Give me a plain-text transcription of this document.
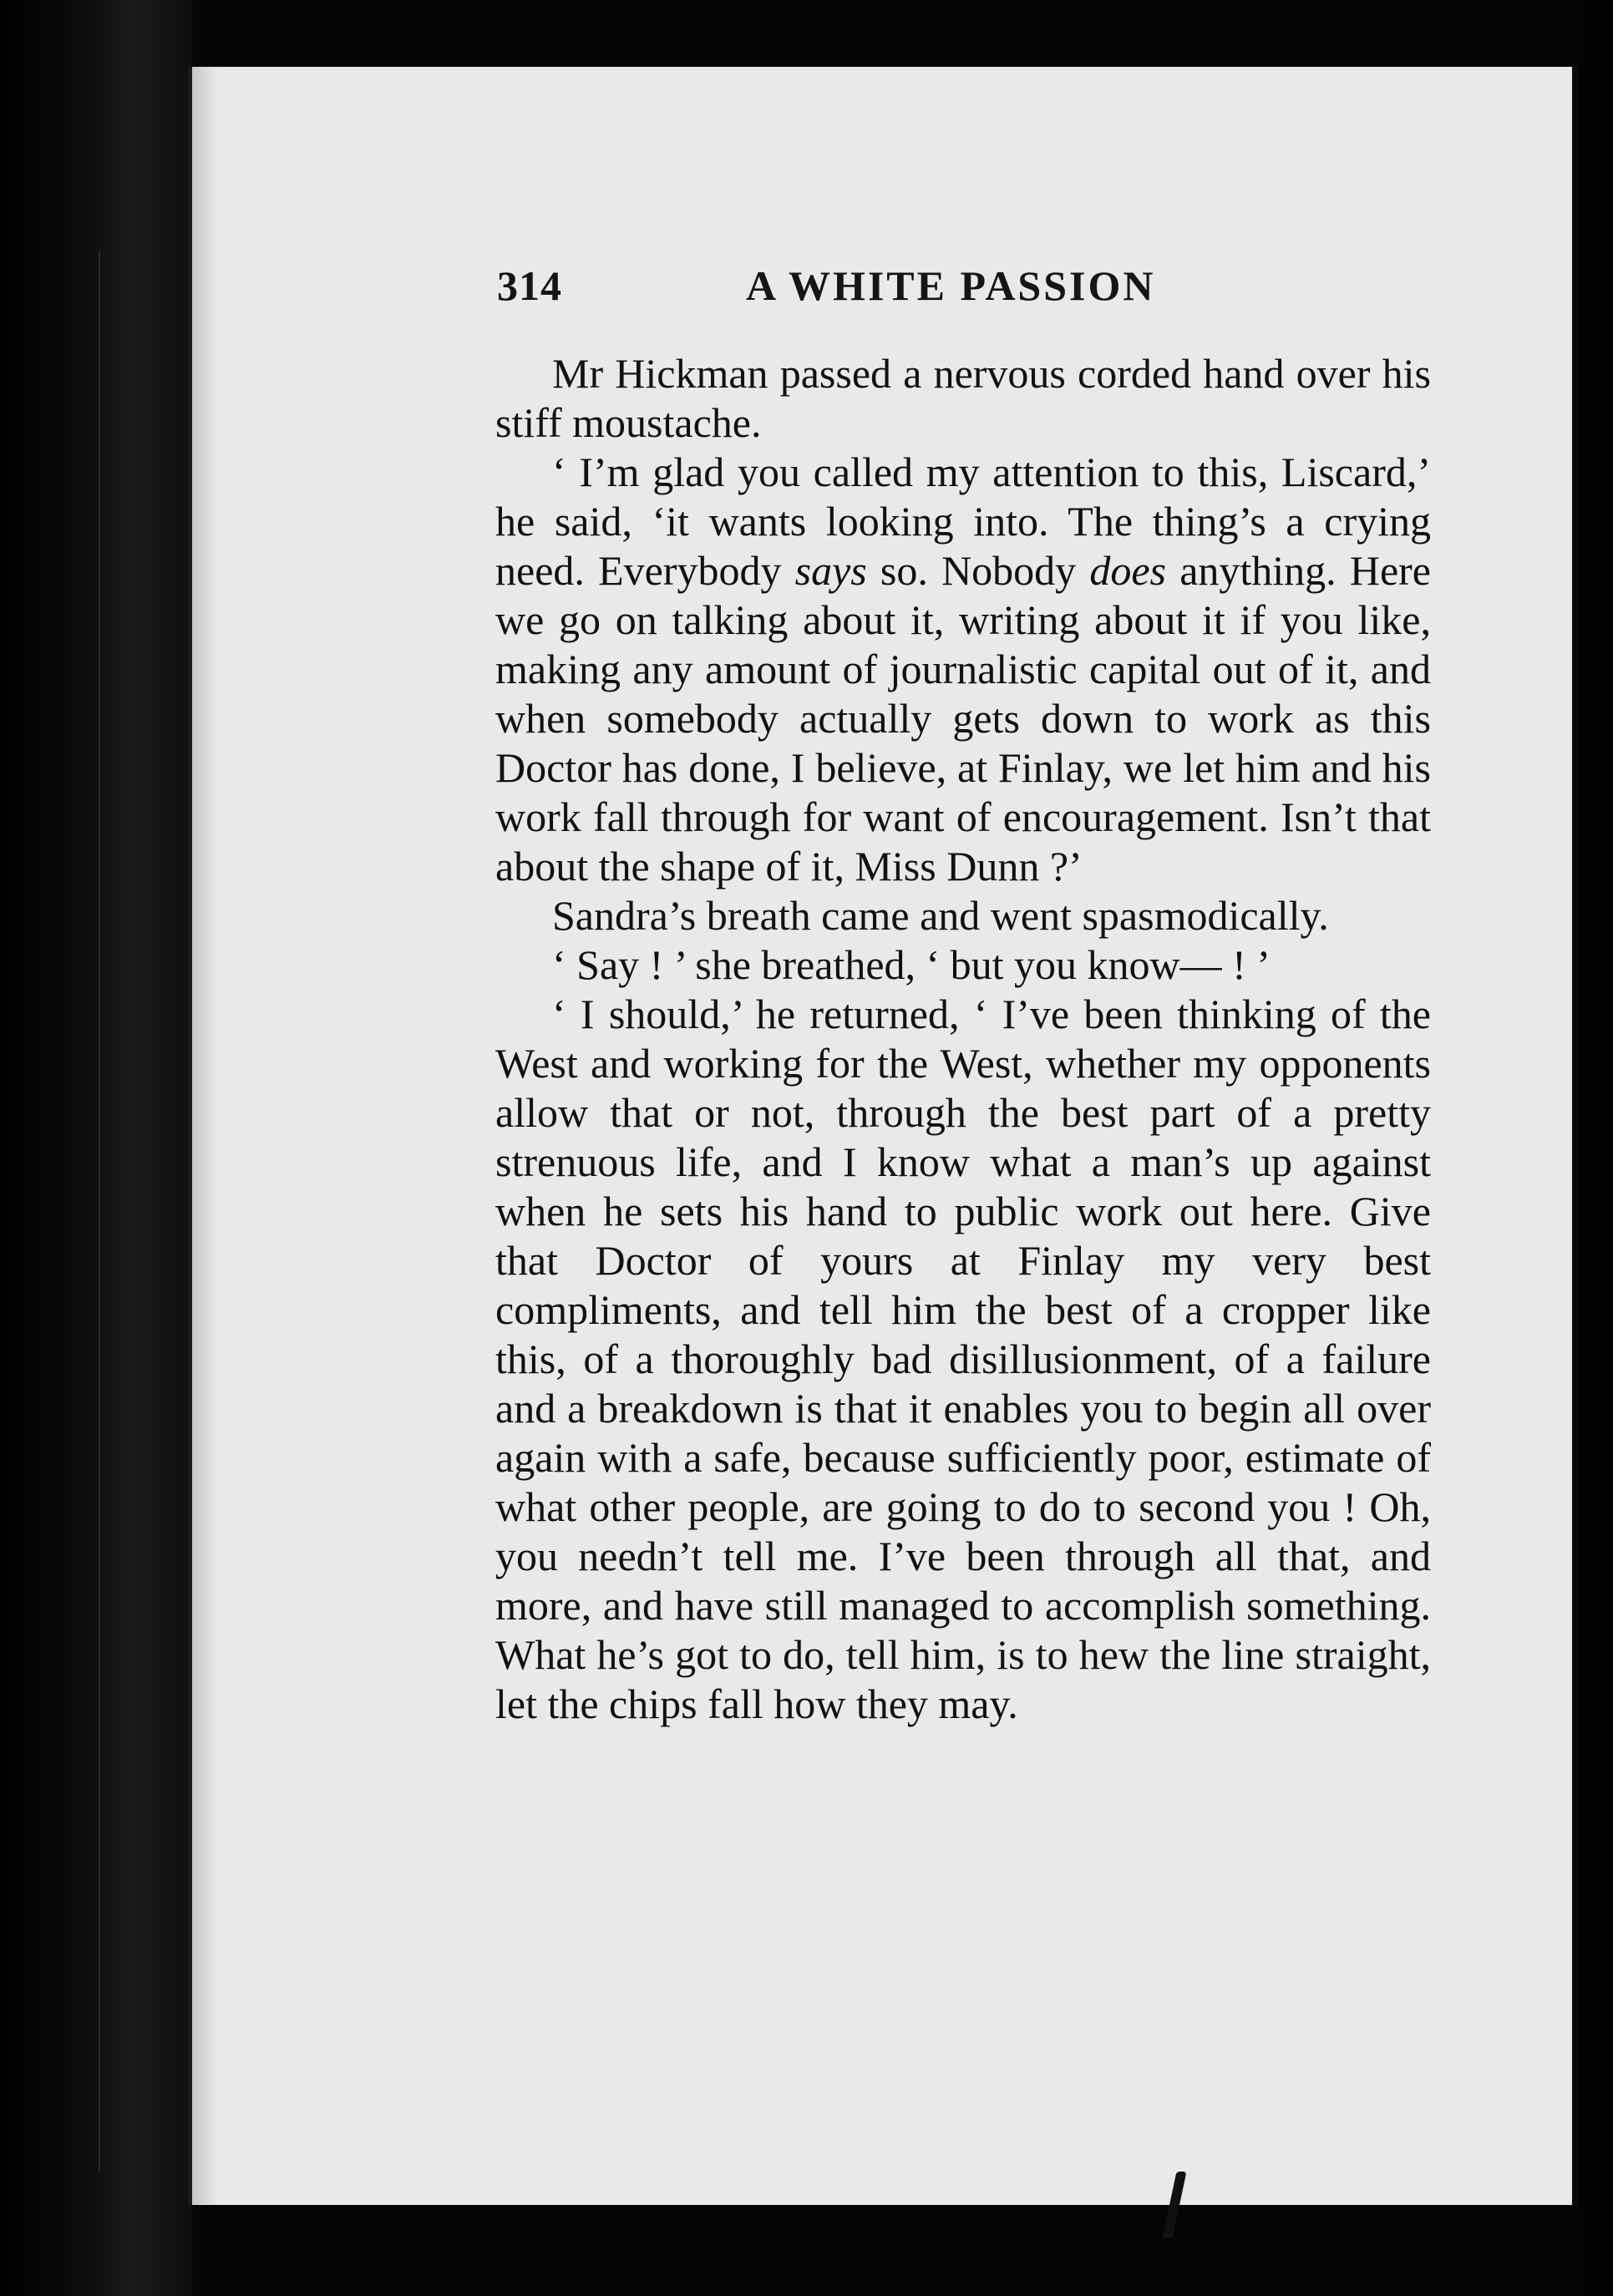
314	A WHITE PASSION

Mr Hickman passed a nervous corded hand over his stiff moustache.

‘ I’m glad you called my attention to this, Liscard,’ he said, ‘it wants looking into. The thing’s a crying need. Everybody says so. Nobody does anything. Here we go on talking about it, writing about it if you like, making any amount of journalistic capital out of it, and when somebody actually gets down to work as this Doctor has done, I believe, at Finlay, we let him and his work fall through for want of encouragement. Isn’t that about the shape of it, Miss Dunn ?’

Sandra’s breath came and went spasmodically.

‘ Say ! ’ she breathed, ‘ but you know— ! ’

‘ I should,’ he returned, ‘ I’ve been thinking of the West and working for the West, whether my opponents allow that or not, through the best part of a pretty strenuous life, and I know what a man’s up against when he sets his hand to public work out here. Give that Doctor of yours at Finlay my very best compliments, and tell him the best of a cropper like this, of a thoroughly bad disillusionment, of a failure and a breakdown is that it enables you to begin all over again with a safe, because sufficiently poor, estimate of what other people, are going to do to second you ! Oh, you needn’t tell me. I’ve been through all that, and more, and have still managed to accomplish something. What he’s got to do, tell him, is to hew the line straight, let the chips fall how they may.
